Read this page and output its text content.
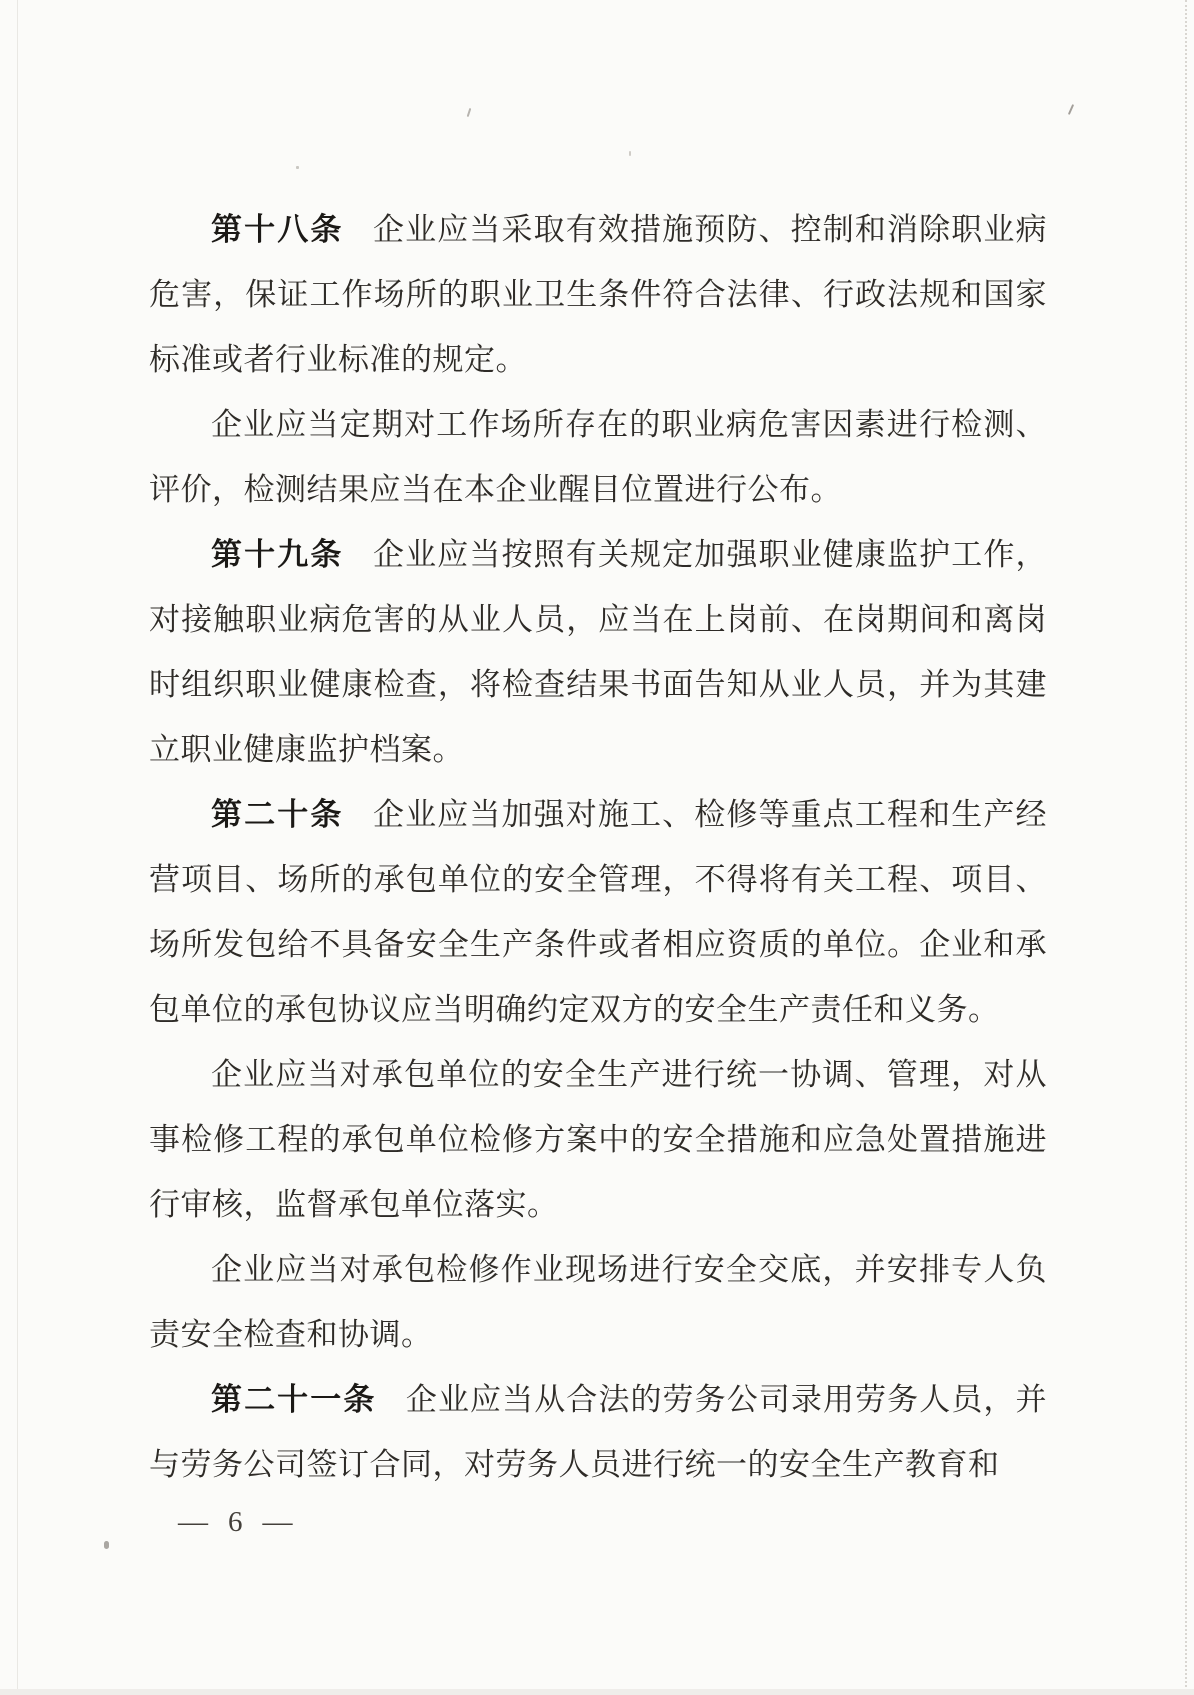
第十八条 企业应当采取有效措施预防、控制和消除职业病危害，保证工作场所的职业卫生条件符合法律、行政法规和国家标准或者行业标准的规定。

企业应当定期对工作场所存在的职业病危害因素进行检测、评价，检测结果应当在本企业醒目位置进行公布。

第十九条 企业应当按照有关规定加强职业健康监护工作，对接触职业病危害的从业人员，应当在上岗前、在岗期间和离岗时组织职业健康检查，将检查结果书面告知从业人员，并为其建立职业健康监护档案。

第二十条 企业应当加强对施工、检修等重点工程和生产经营项目、场所的承包单位的安全管理，不得将有关工程、项目、场所发包给不具备安全生产条件或者相应资质的单位。企业和承包单位的承包协议应当明确约定双方的安全生产责任和义务。

企业应当对承包单位的安全生产进行统一协调、管理，对从事检修工程的承包单位检修方案中的安全措施和应急处置措施进行审核，监督承包单位落实。

企业应当对承包检修作业现场进行安全交底，并安排专人负责安全检查和协调。

第二十一条 企业应当从合法的劳务公司录用劳务人员，并与劳务公司签订合同，对劳务人员进行统一的安全生产教育和

— 6 —
